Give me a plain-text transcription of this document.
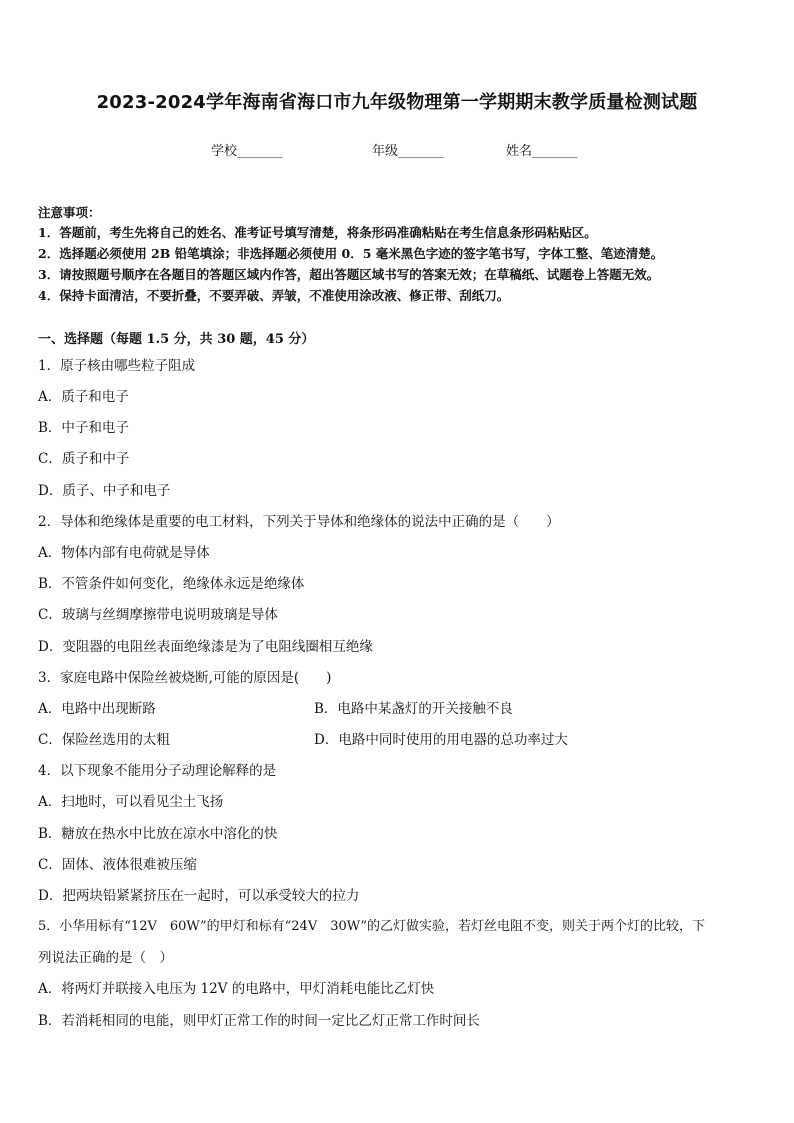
2023-2024学年海南省海口市九年级物理第一学期期末教学质量检测试题
学校_______	年级_______	姓名_______
注意事项：
1．答题前，考生先将自己的姓名、准考证号填写清楚，将条形码准确粘贴在考生信息条形码粘贴区。
2．选择题必须使用 2B 铅笔填涂；非选择题必须使用 0．5 毫米黑色字迹的签字笔书写，字体工整、笔迹清楚。
3．请按照题号顺序在各题目的答题区域内作答，超出答题区域书写的答案无效；在草稿纸、试题卷上答题无效。
4．保持卡面清洁，不要折叠，不要弄破、弄皱，不准使用涂改液、修正带、刮纸刀。
一、选择题（每题 1.5 分，共 30 题，45 分）
1．原子核由哪些粒子阻成
A．质子和电子
B．中子和电子
C．质子和中子
D．质子、中子和电子
2．导体和绝缘体是重要的电工材料，下列关于导体和绝缘体的说法中正确的是（　　）
A．物体内部有电荷就是导体
B．不管条件如何变化，绝缘体永远是绝缘体
C．玻璃与丝绸摩擦带电说明玻璃是导体
D．变阻器的电阻丝表面绝缘漆是为了电阻线圈相互绝缘
3．家庭电路中保险丝被烧断,可能的原因是(　　)
A．电路中出现断路	B．电路中某盏灯的开关接触不良
C．保险丝选用的太粗	D．电路中同时使用的用电器的总功率过大
4．以下现象不能用分子动理论解释的是
A．扫地时，可以看见尘土飞扬
B．糖放在热水中比放在凉水中溶化的快
C．固体、液体很难被压缩
D．把两块铅紧紧挤压在一起时，可以承受较大的拉力
5．小华用标有“12V　60W”的甲灯和标有“24V　30W”的乙灯做实验，若灯丝电阻不变，则关于两个灯的比较，下
列说法正确的是（　）
A．将两灯并联接入电压为 12V 的电路中，甲灯消耗电能比乙灯快
B．若消耗相同的电能，则甲灯正常工作的时间一定比乙灯正常工作时间长
